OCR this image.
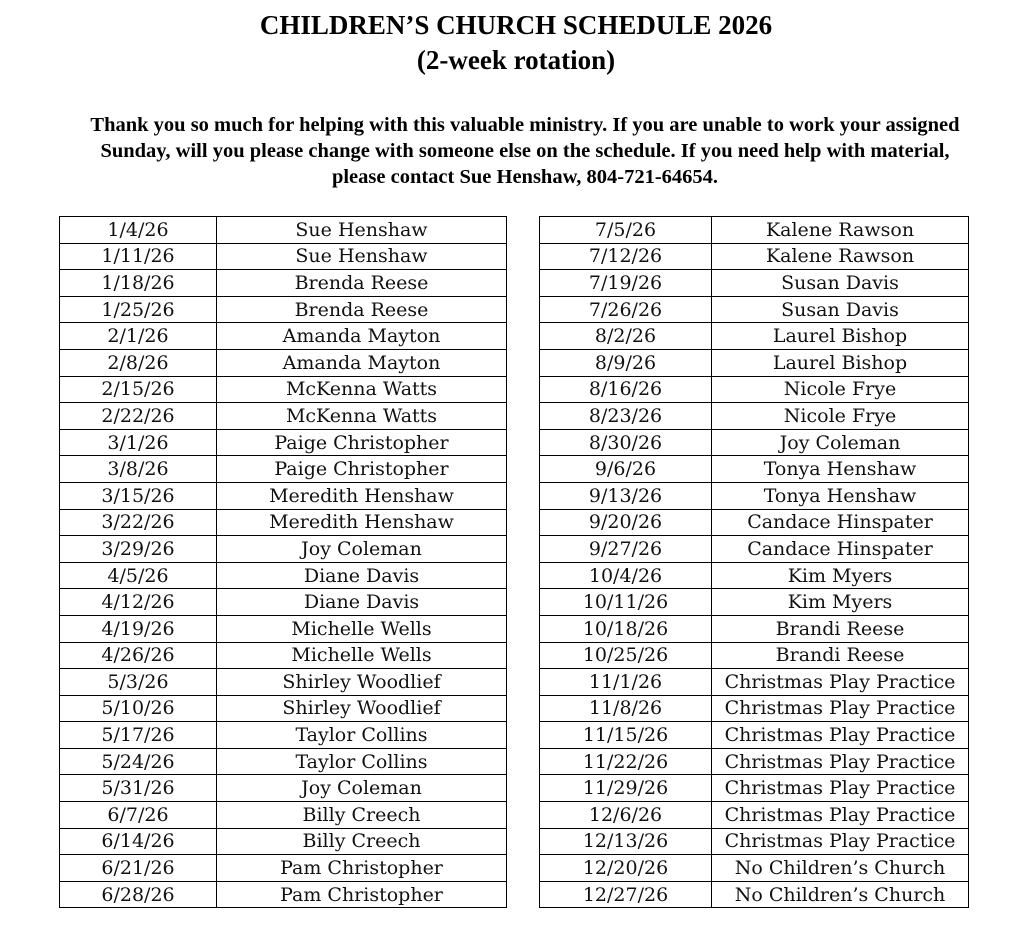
CHILDREN’S CHURCH SCHEDULE 2026
(2-week rotation)
Thank you so much for helping with this valuable ministry. If you are unable to work your assigned Sunday, will you please change with someone else on the schedule. If you need help with material, please contact Sue Henshaw, 804-721-64654.
1/4/26	Sue Henshaw
1/11/26	Sue Henshaw
1/18/26	Brenda Reese
1/25/26	Brenda Reese
2/1/26	Amanda Mayton
2/8/26	Amanda Mayton
2/15/26	McKenna Watts
2/22/26	McKenna Watts
3/1/26	Paige Christopher
3/8/26	Paige Christopher
3/15/26	Meredith Henshaw
3/22/26	Meredith Henshaw
3/29/26	Joy Coleman
4/5/26	Diane Davis
4/12/26	Diane Davis
4/19/26	Michelle Wells
4/26/26	Michelle Wells
5/3/26	Shirley Woodlief
5/10/26	Shirley Woodlief
5/17/26	Taylor Collins
5/24/26	Taylor Collins
5/31/26	Joy Coleman
6/7/26	Billy Creech
6/14/26	Billy Creech
6/21/26	Pam Christopher
6/28/26	Pam Christopher
7/5/26	Kalene Rawson
7/12/26	Kalene Rawson
7/19/26	Susan Davis
7/26/26	Susan Davis
8/2/26	Laurel Bishop
8/9/26	Laurel Bishop
8/16/26	Nicole Frye
8/23/26	Nicole Frye
8/30/26	Joy Coleman
9/6/26	Tonya Henshaw
9/13/26	Tonya Henshaw
9/20/26	Candace Hinspater
9/27/26	Candace Hinspater
10/4/26	Kim Myers
10/11/26	Kim Myers
10/18/26	Brandi Reese
10/25/26	Brandi Reese
11/1/26	Christmas Play Practice
11/8/26	Christmas Play Practice
11/15/26	Christmas Play Practice
11/22/26	Christmas Play Practice
11/29/26	Christmas Play Practice
12/6/26	Christmas Play Practice
12/13/26	Christmas Play Practice
12/20/26	No Children’s Church
12/27/26	No Children’s Church
